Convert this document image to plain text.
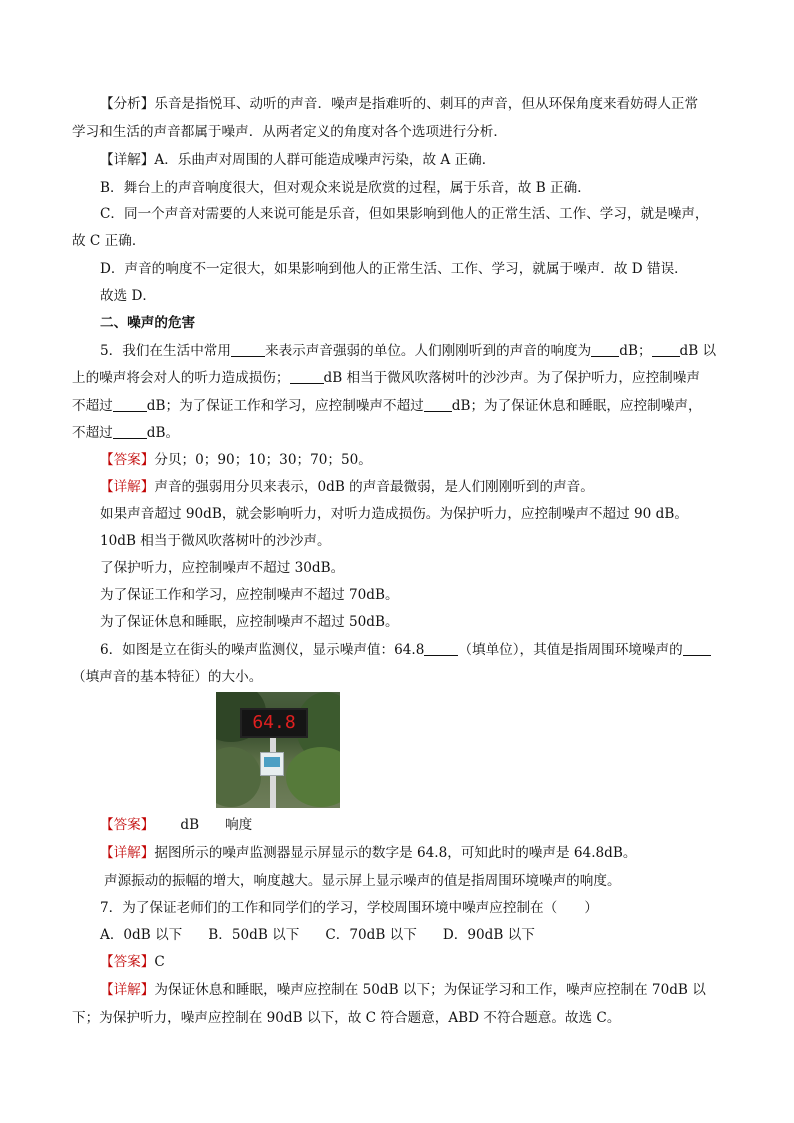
【分析】乐音是指悦耳、动听的声音．噪声是指难听的、刺耳的声音，但从环保角度来看妨碍人正常
学习和生活的声音都属于噪声．从两者定义的角度对各个选项进行分析．
【详解】A．乐曲声对周围的人群可能造成噪声污染，故 A 正确．
B．舞台上的声音响度很大，但对观众来说是欣赏的过程，属于乐音，故 B 正确．
C．同一个声音对需要的人来说可能是乐音，但如果影响到他人的正常生活、工作、学习，就是噪声，
故 C 正确．
D．声音的响度不一定很大，如果影响到他人的正常生活、工作、学习，就属于噪声．故 D 错误．
故选 D．
二、噪声的危害
5．我们在生活中常用	来表示声音强弱的单位。人们刚刚听到的声音的响度为 dB； dB 以
上的噪声将会对人的听力造成损伤；	dB 相当于微风吹落树叶的沙沙声。为了保护听力，应控制噪声
不超过	dB；为了保证工作和学习，应控制噪声不超过 dB；为了保证休息和睡眠，应控制噪声，
不超过	dB。
【答案】分贝；0；90；10；30；70；50。
【详解】声音的强弱用分贝来表示，0dB 的声音最微弱，是人们刚刚听到的声音。
如果声音超过 90dB，就会影响听力，对听力造成损伤。为保护听力，应控制噪声不超过 90 dB。
10dB 相当于微风吹落树叶的沙沙声。
了保护听力，应控制噪声不超过 30dB。
为了保证工作和学习，应控制噪声不超过 70dB。
为了保证休息和睡眠，应控制噪声不超过 50dB。
6．如图是立在街头的噪声监测仪，显示噪声值：64.8	（填单位），其值是指周围环境噪声的
（填声音的基本特征）的大小。
64.8
【答案】 dB 响度
【详解】据图所示的噪声监测器显示屏显示的数字是 64.8，可知此时的噪声是 64.8dB。
声源振动的振幅的增大，响度越大。显示屏上显示噪声的值是指周围环境噪声的响度。
7．为了保证老师们的工作和同学们的学习，学校周围环境中噪声应控制在（　　）
A．0dB 以下 B．50dB 以下 C．70dB 以下 D．90dB 以下
【答案】C
【详解】为保证休息和睡眠，噪声应控制在 50dB 以下；为保证学习和工作，噪声应控制在 70dB 以
下；为保护听力，噪声应控制在 90dB 以下，故 C 符合题意，ABD 不符合题意。故选 C。
